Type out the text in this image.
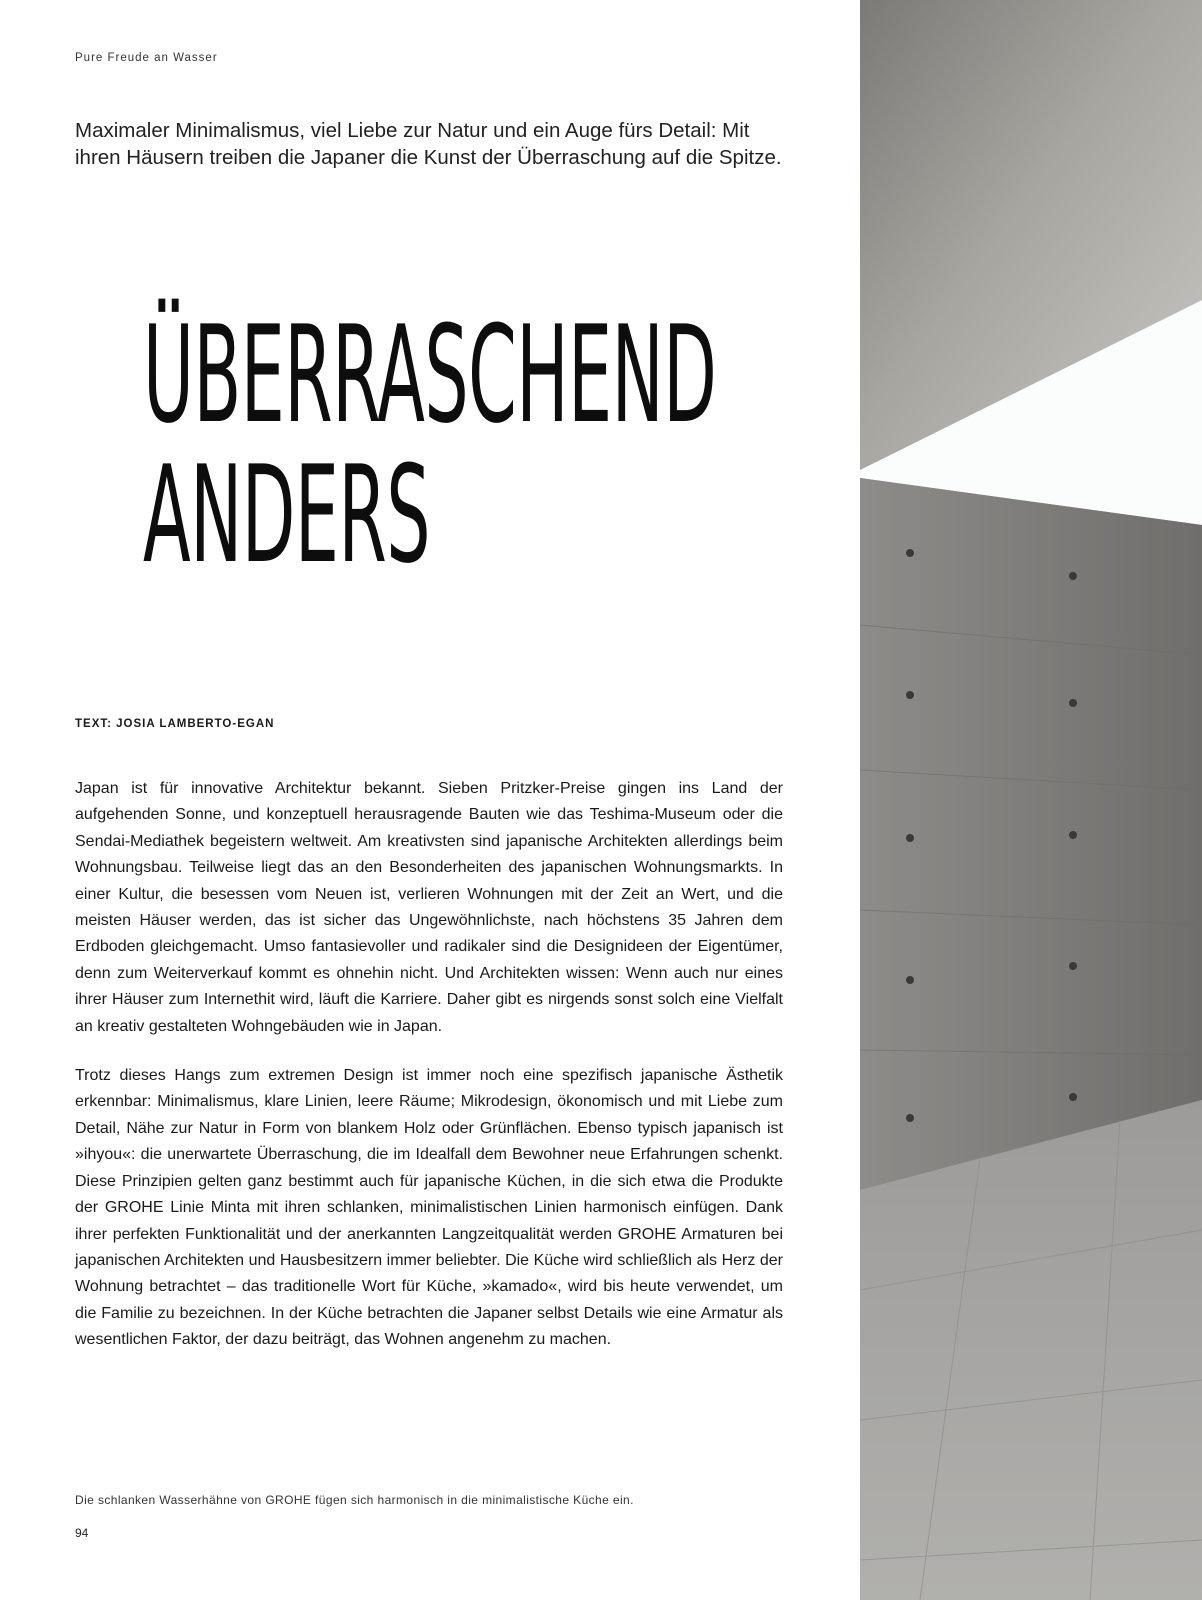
Pure Freude an Wasser
Maximaler Minimalismus, viel Liebe zur Natur und ein Auge fürs Detail: Mit ihren Häusern treiben die Japaner die Kunst der Überraschung auf die Spitze.
ÜBERRASCHEND
ANDERS
TEXT: JOSIA LAMBERTO-EGAN

Japan ist für innovative Architektur bekannt. Sieben Pritzker-Preise gingen ins Land der aufgehenden Sonne, und konzeptuell herausragende Bauten wie das Teshima-Museum oder die Sendai-Mediathek begeistern weltweit. Am kreativsten sind japanische Architekten allerdings beim Wohnungsbau. Teilweise liegt das an den Besonderheiten des japanischen Wohnungsmarkts. In einer Kultur, die besessen vom Neuen ist, verlieren Wohnungen mit der Zeit an Wert, und die meisten Häuser werden, das ist sicher das Ungewöhnlichste, nach höchstens 35 Jahren dem Erdboden gleichgemacht. Umso fantasievoller und radikaler sind die Designideen der Eigentümer, denn zum Weiterverkauf kommt es ohnehin nicht. Und Architekten wissen: Wenn auch nur eines ihrer Häuser zum Internethit wird, läuft die Karriere. Daher gibt es nirgends sonst solch eine Vielfalt an kreativ gestalteten Wohngebäuden wie in Japan.

Trotz dieses Hangs zum extremen Design ist immer noch eine spezifisch japanische Ästhetik erkennbar: Minimalismus, klare Linien, leere Räume; Mikrodesign, ökonomisch und mit Liebe zum Detail, Nähe zur Natur in Form von blankem Holz oder Grünflächen. Ebenso typisch japanisch ist »ihyou«: die unerwartete Überraschung, die im Idealfall dem Bewohner neue Erfahrungen schenkt. Diese Prinzipien gelten ganz bestimmt auch für japanische Küchen, in die sich etwa die Produkte der GROHE Linie Minta mit ihren schlanken, minimalistischen Linien harmonisch einfügen. Dank ihrer perfekten Funktionalität und der anerkannten Langzeitqualität werden GROHE Armaturen bei japanischen Architekten und Hausbesitzern immer beliebter. Die Küche wird schließlich als Herz der Wohnung betrachtet – das traditionelle Wort für Küche, »kamado«, wird bis heute verwendet, um die Familie zu bezeichnen. In der Küche betrachten die Japaner selbst Details wie eine Armatur als wesentlichen Faktor, der dazu beiträgt, das Wohnen angenehm zu machen.

Die schlanken Wasserhähne von GROHE fügen sich harmonisch in die minimalistische Küche ein.
94
